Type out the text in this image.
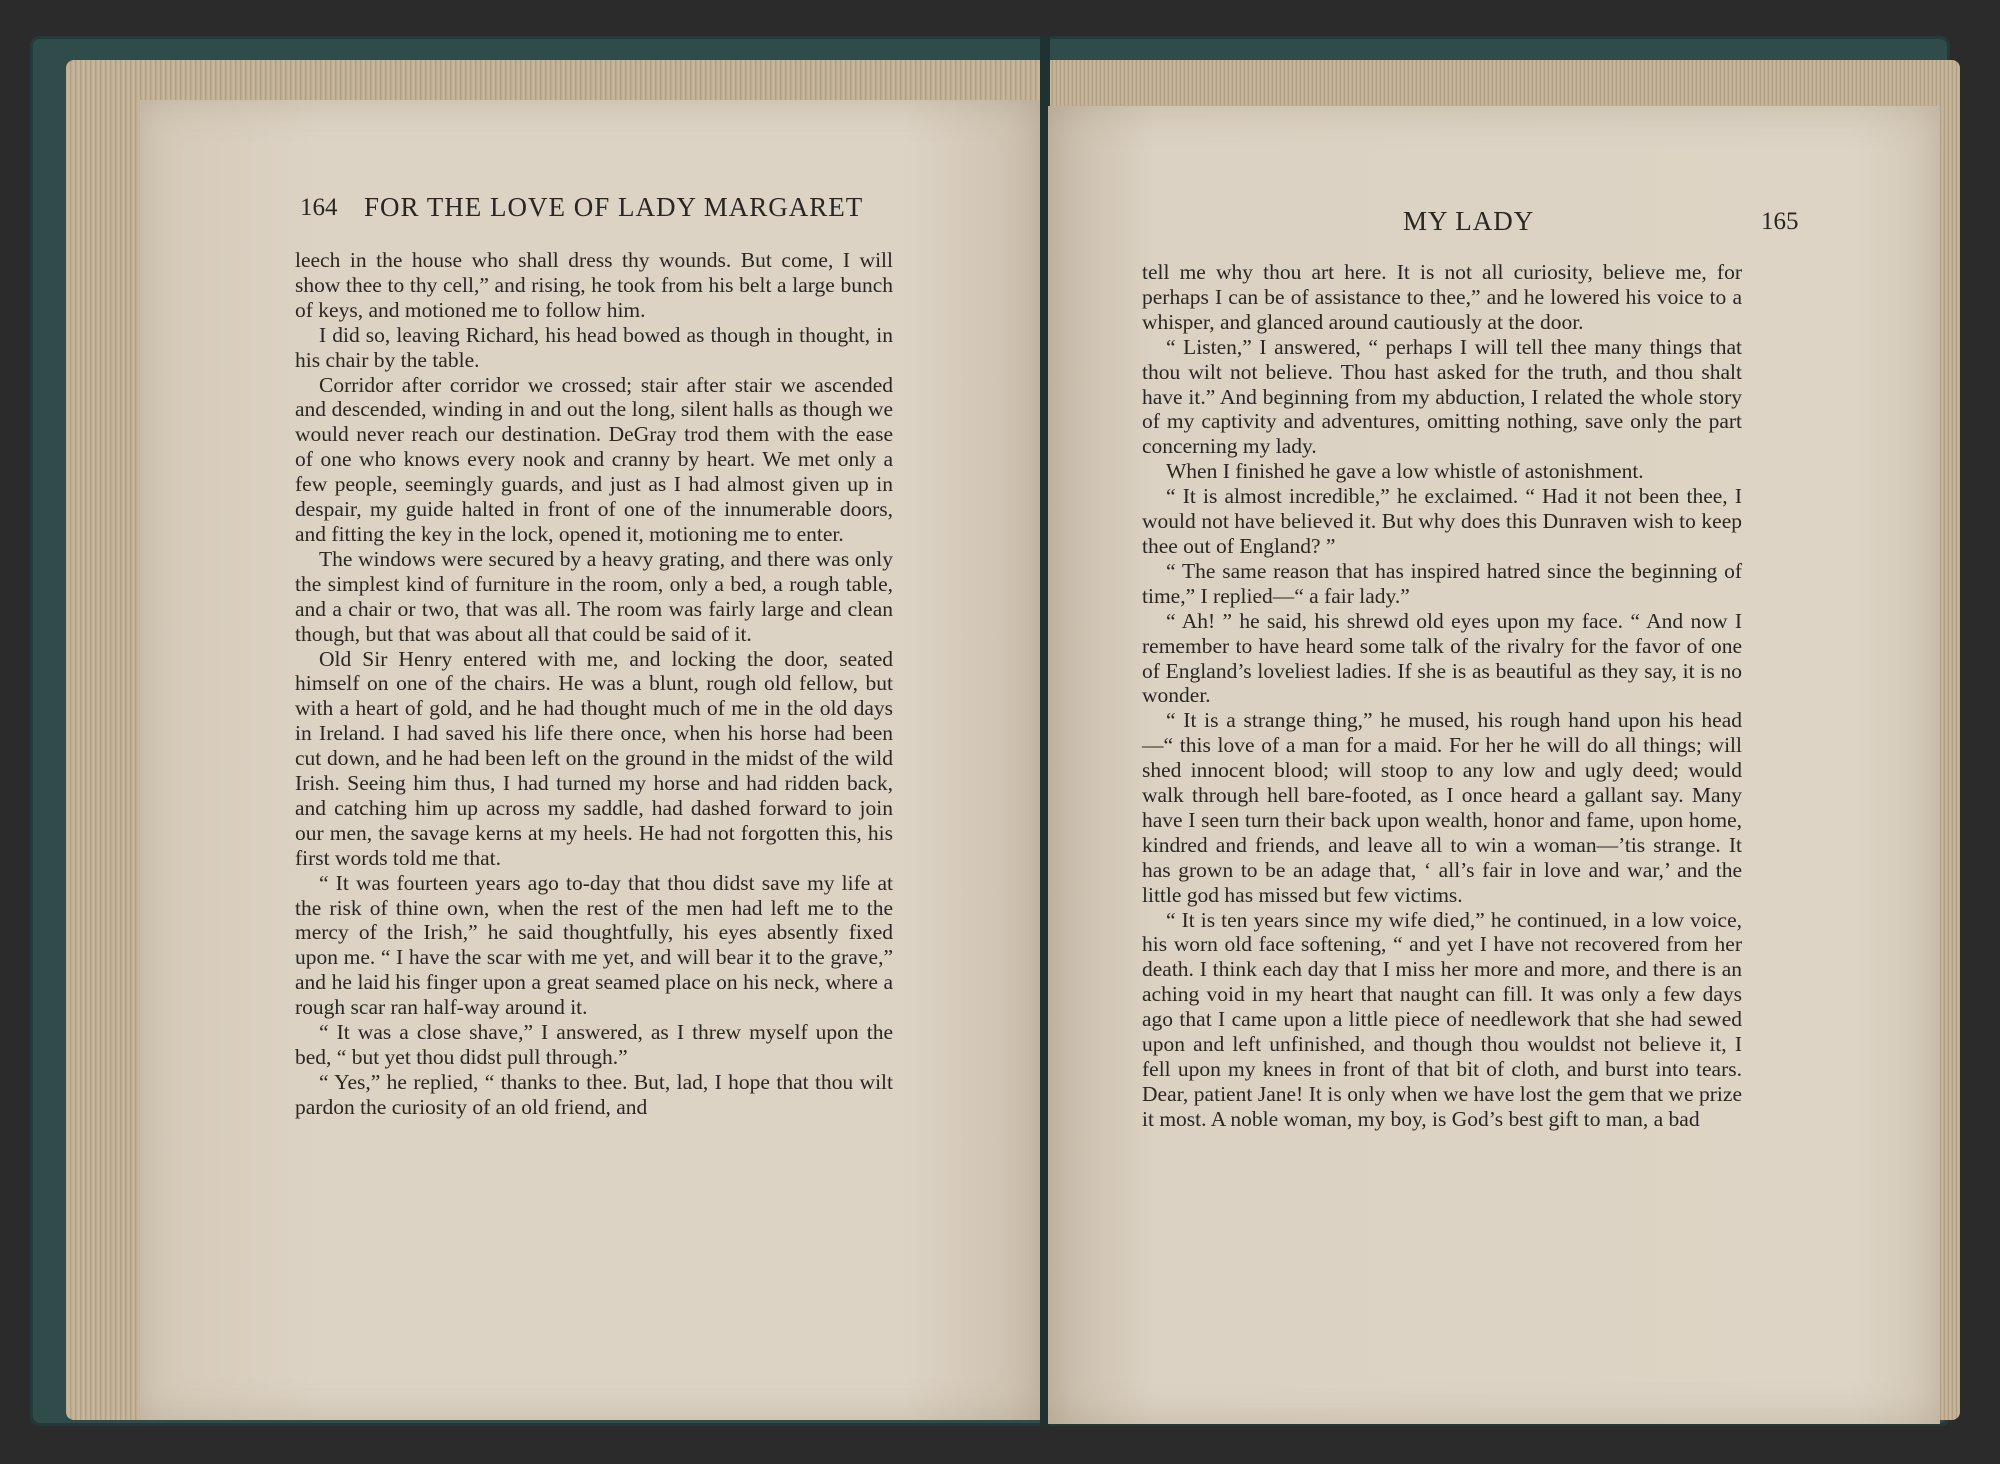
164 FOR THE LOVE OF LADY MARGARET

leech in the house who shall dress thy wounds. But come, I will show thee to thy cell,” and rising, he took from his belt a large bunch of keys, and motioned me to follow him.

I did so, leaving Richard, his head bowed as though in thought, in his chair by the table.

Corridor after corridor we crossed; stair after stair we ascended and descended, winding in and out the long, silent halls as though we would never reach our destination. DeGray trod them with the ease of one who knows every nook and cranny by heart. We met only a few people, seemingly guards, and just as I had almost given up in despair, my guide halted in front of one of the innumerable doors, and fitting the key in the lock, opened it, motioning me to enter.

The windows were secured by a heavy grating, and there was only the simplest kind of furniture in the room, only a bed, a rough table, and a chair or two, that was all. The room was fairly large and clean though, but that was about all that could be said of it.

Old Sir Henry entered with me, and locking the door, seated himself on one of the chairs. He was a blunt, rough old fellow, but with a heart of gold, and he had thought much of me in the old days in Ireland. I had saved his life there once, when his horse had been cut down, and he had been left on the ground in the midst of the wild Irish. Seeing him thus, I had turned my horse and had ridden back, and catching him up across my saddle, had dashed forward to join our men, the savage kerns at my heels. He had not forgotten this, his first words told me that.

“ It was fourteen years ago to-day that thou didst save my life at the risk of thine own, when the rest of the men had left me to the mercy of the Irish,” he said thoughtfully, his eyes absently fixed upon me. “ I have the scar with me yet, and will bear it to the grave,” and he laid his finger upon a great seamed place on his neck, where a rough scar ran half-way around it.

“ It was a close shave,” I answered, as I threw myself upon the bed, “ but yet thou didst pull through.”

“ Yes,” he replied, “ thanks to thee. But, lad, I hope that thou wilt pardon the curiosity of an old friend, and

MY LADY	165

tell me why thou art here. It is not all curiosity, believe me, for perhaps I can be of assistance to thee,” and he lowered his voice to a whisper, and glanced around cautiously at the door.

“ Listen,” I answered, “ perhaps I will tell thee many things that thou wilt not believe. Thou hast asked for the truth, and thou shalt have it.” And beginning from my abduction, I related the whole story of my captivity and adventures, omitting nothing, save only the part concerning my lady.

When I finished he gave a low whistle of astonishment.

“ It is almost incredible,” he exclaimed. “ Had it not been thee, I would not have believed it. But why does this Dunraven wish to keep thee out of England? ”

“ The same reason that has inspired hatred since the beginning of time,” I replied—“ a fair lady.”

“ Ah! ” he said, his shrewd old eyes upon my face. “ And now I remember to have heard some talk of the rivalry for the favor of one of England’s loveliest ladies. If she is as beautiful as they say, it is no wonder.

“ It is a strange thing,” he mused, his rough hand upon his head—“ this love of a man for a maid. For her he will do all things; will shed innocent blood; will stoop to any low and ugly deed; would walk through hell bare-footed, as I once heard a gallant say. Many have I seen turn their back upon wealth, honor and fame, upon home, kindred and friends, and leave all to win a woman—’tis strange. It has grown to be an adage that, ‘ all’s fair in love and war,’ and the little god has missed but few victims.

“ It is ten years since my wife died,” he continued, in a low voice, his worn old face softening, “ and yet I have not recovered from her death. I think each day that I miss her more and more, and there is an aching void in my heart that naught can fill. It was only a few days ago that I came upon a little piece of needlework that she had sewed upon and left unfinished, and though thou wouldst not believe it, I fell upon my knees in front of that bit of cloth, and burst into tears. Dear, patient Jane! It is only when we have lost the gem that we prize it most. A noble woman, my boy, is God’s best gift to man, a bad
